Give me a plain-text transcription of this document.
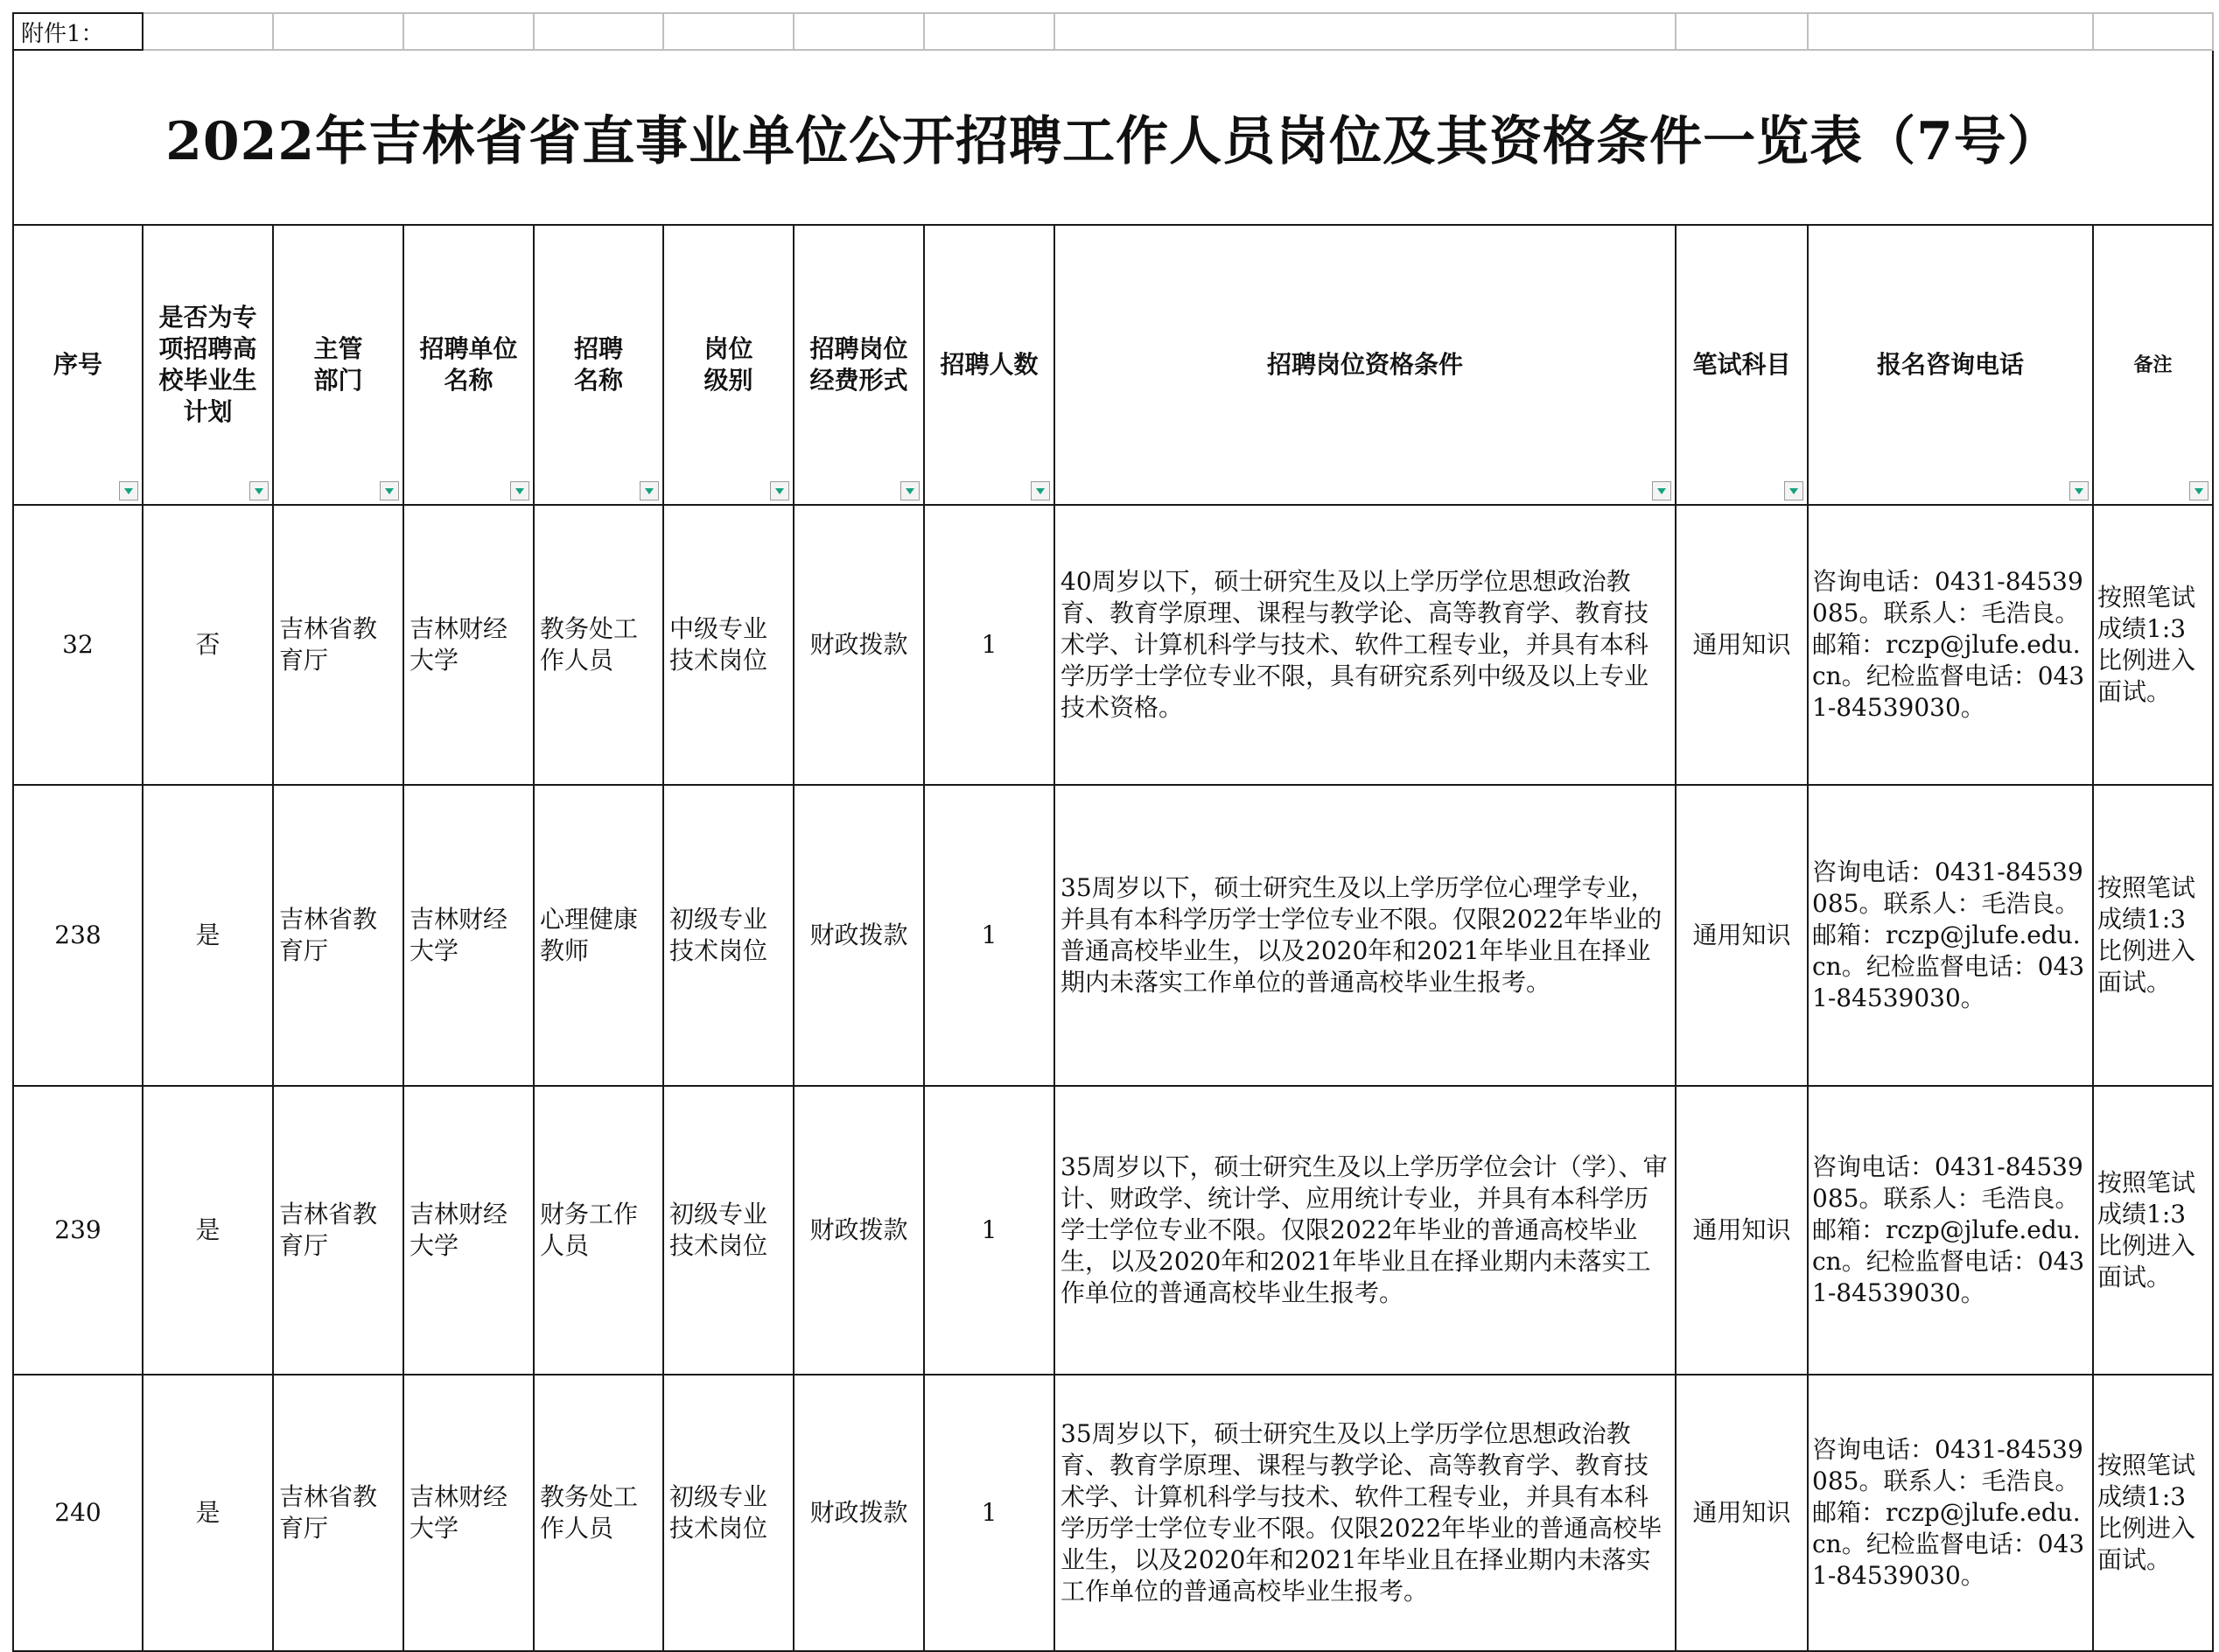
附件1：											
2022年吉林省省直事业单位公开招聘工作人员岗位及其资格条件一览表（7号）											

序号	是否为专项招聘高校毕业生计划	主管部门	招聘单位名称	招聘名称	岗位级别	招聘岗位经费形式	招聘人数	招聘岗位资格条件	笔试科目	报名咨询电话	备注

32	否	吉林省教育厅	吉林财经大学	教务处工作人员	中级专业技术岗位	财政拨款	1	40周岁以下，硕士研究生及以上学历学位思想政治教育、教育学原理、课程与教学论、高等教育学、教育技术学、计算机科学与技术、软件工程专业，并具有本科学历学士学位专业不限，具有研究系列中级及以上专业技术资格。	通用知识	咨询电话：0431-84539085。联系人：毛浩良。邮箱：rczp@jlufe.edu.cn。纪检监督电话：0431-84539030。	按照笔试成绩1:3比例进入面试。
238	是	吉林省教育厅	吉林财经大学	心理健康教师	初级专业技术岗位	财政拨款	1	35周岁以下，硕士研究生及以上学历学位心理学专业，并具有本科学历学士学位专业不限。仅限2022年毕业的普通高校毕业生，以及2020年和2021年毕业且在择业期内未落实工作单位的普通高校毕业生报考。	通用知识	咨询电话：0431-84539085。联系人：毛浩良。邮箱：rczp@jlufe.edu.cn。纪检监督电话：0431-84539030。	按照笔试成绩1:3比例进入面试。
239	是	吉林省教育厅	吉林财经大学	财务工作人员	初级专业技术岗位	财政拨款	1	35周岁以下，硕士研究生及以上学历学位会计（学）、审计、财政学、统计学、应用统计专业，并具有本科学历学士学位专业不限。仅限2022年毕业的普通高校毕业生，以及2020年和2021年毕业且在择业期内未落实工作单位的普通高校毕业生报考。	通用知识	咨询电话：0431-84539085。联系人：毛浩良。邮箱：rczp@jlufe.edu.cn。纪检监督电话：0431-84539030。	按照笔试成绩1:3比例进入面试。
240	是	吉林省教育厅	吉林财经大学	教务处工作人员	初级专业技术岗位	财政拨款	1	35周岁以下，硕士研究生及以上学历学位思想政治教育、教育学原理、课程与教学论、高等教育学、教育技术学、计算机科学与技术、软件工程专业，并具有本科学历学士学位专业不限。仅限2022年毕业的普通高校毕业生，以及2020年和2021年毕业且在择业期内未落实工作单位的普通高校毕业生报考。	通用知识	咨询电话：0431-84539085。联系人：毛浩良。邮箱：rczp@jlufe.edu.cn。纪检监督电话：0431-84539030。	按照笔试成绩1:3比例进入面试。
